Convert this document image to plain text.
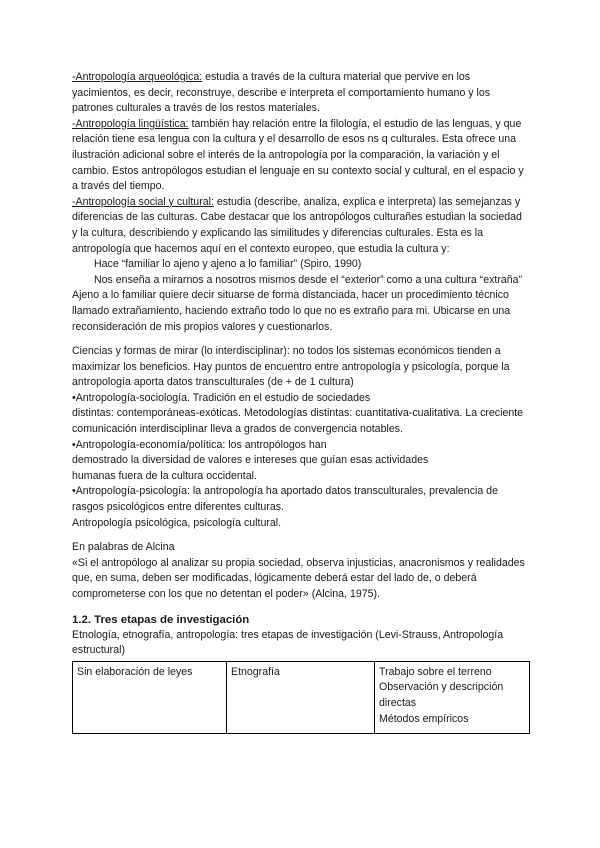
-Antropología arqueológica: estudia a través de la cultura material que pervive en los yacimientos, es decir, reconstruye, describe e interpreta el comportamiento humano y los patrones culturales a través de los restos materiales.

-Antropología lingüística: también hay relación entre la filología, el estudio de las lenguas, y que relación tiene esa lengua con la cultura y el desarrollo de esos ns q culturales. Esta ofrece una ilustración adicional sobre el interés de la antropología por la comparación, la variación y el cambio. Estos antropólogos estudian el lenguaje en su contexto social y cultural, en el espacio y a través del tiempo.

-Antropología social y cultural: estudia (describe, analiza, explica e interpreta) las semejanzas y diferencias de las culturas. Cabe destacar que los antropólogos culturañes estudian la sociedad y la cultura, describiendo y explicando las similitudes y diferencias culturales. Esta es la antropología que hacemos aquí en el contexto europeo, que estudia la cultura y:

Hace “familiar lo ajeno y ajeno a lo familiar” (Spiro, 1990)

Nos enseña a mirarnos a nosotros mismos desde el “exterior” como a una cultura “extraña”

Ajeno a lo familiar quiere decir situarse de forma distanciada, hacer un procedimiento técnico llamado extrañamiento, haciendo extraño todo lo que no es extraño para mi. Ubicarse en una reconsideración de mis propios valores y cuestionarlos.

Ciencias y formas de mirar (lo interdisciplinar): no todos los sistemas económicos tienden a maximizar los beneficios. Hay puntos de encuentro entre antropología y psicología, porque la antropología aporta datos transculturales (de + de 1 cultura)

•Antropología-sociología. Tradición en el estudio de sociedades

distintas: contemporáneas-exóticas. Metodologías distintas: cuantitativa-cualitativa. La creciente comunicación interdisciplinar lleva a grados de convergencia notables.

•Antropología-economía/política: los antropólogos han

demostrado la diversidad de valores e intereses que guían esas actividades

humanas fuera de la cultura occidental.

•Antropología-psicología: la antropología ha aportado datos transculturales, prevalencia de rasgos psicológicos entre diferentes culturas.

Antropología psicológica, psicología cultural.

En palabras de Alcina

«Si el antropólogo al analizar su propia sociedad, observa injusticias, anacronismos y realidades que, en suma, deben ser modificadas, lógicamente deberá estar del lado de, o deberá comprometerse con los que no detentan el poder» (Alcina, 1975).

1.2. Tres etapas de investigación

Etnología, etnografía, antropología: tres etapas de investigación (Levi-Strauss, Antropología estructural)

Sin elaboración de leyes	Etnografía	Trabajo sobre el terreno
Observación y descripción directas
Métodos empíricos
